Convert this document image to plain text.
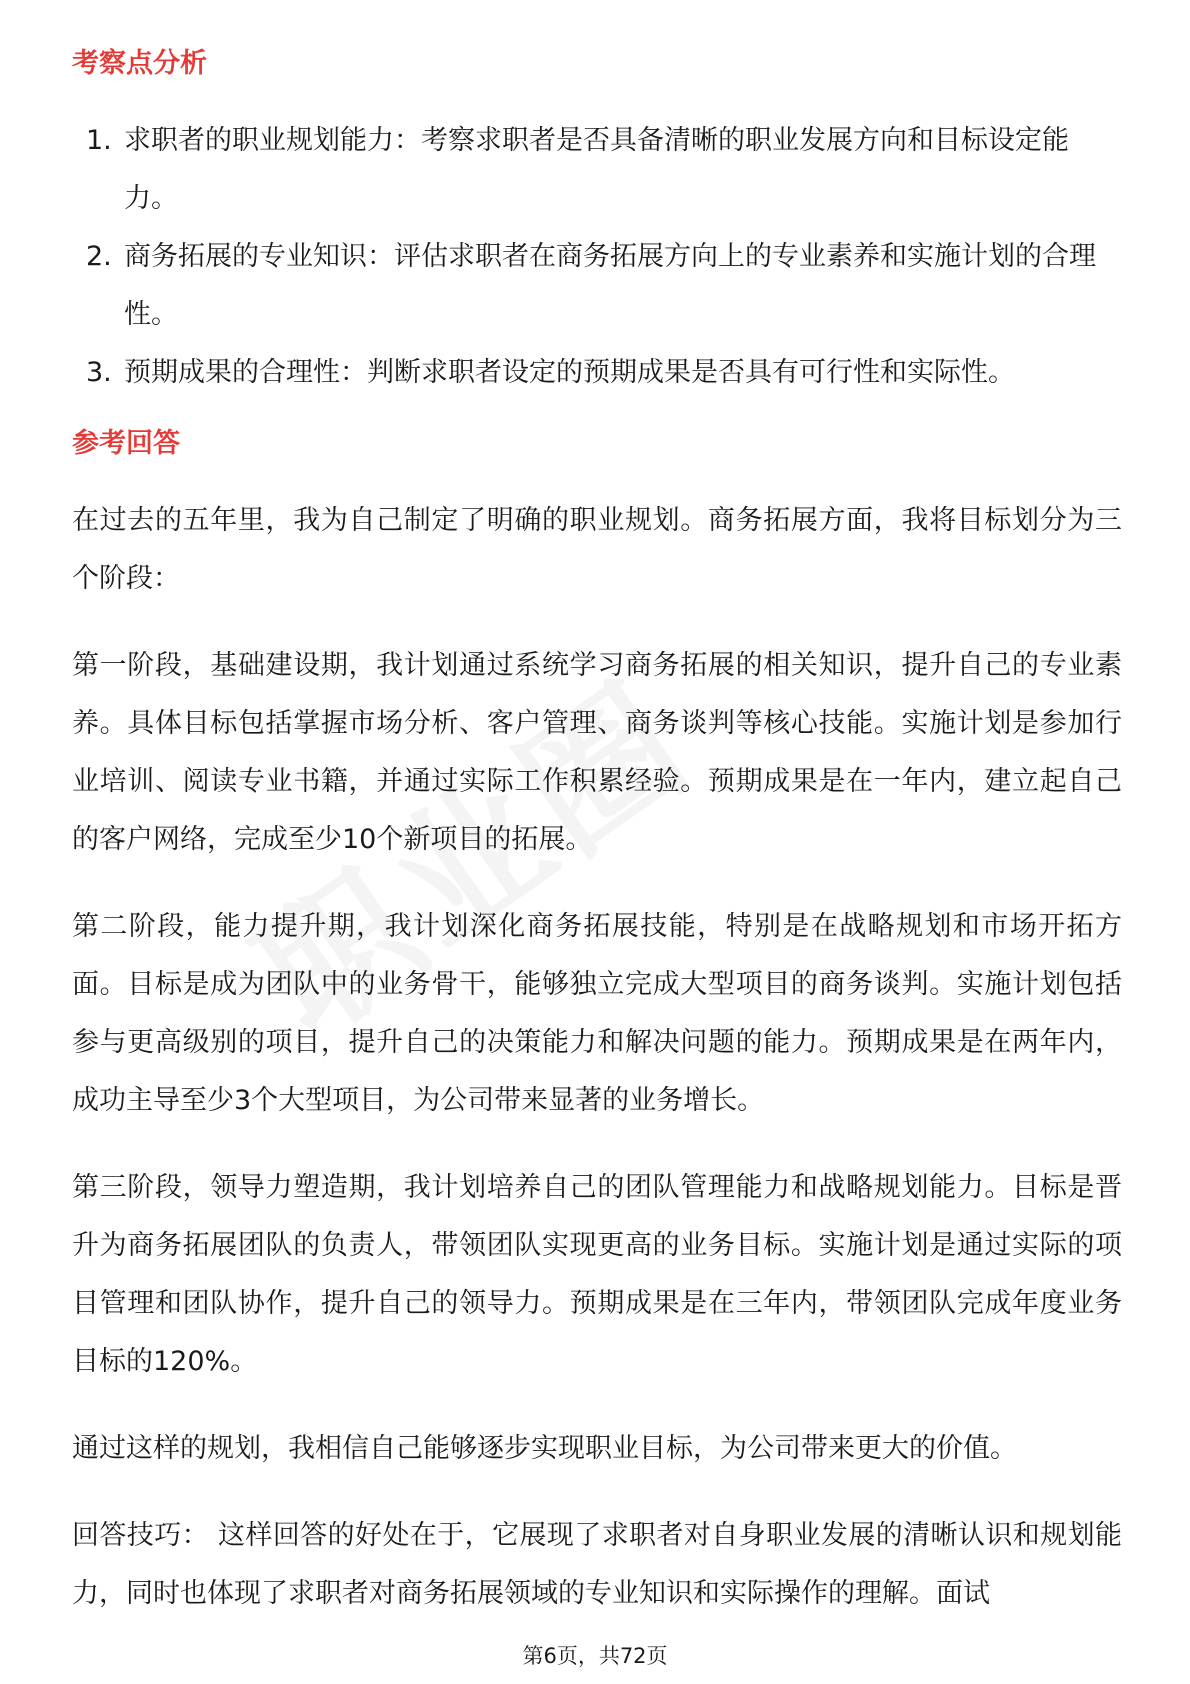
考察点分析
1. 求职者的职业规划能力：考察求职者是否具备清晰的职业发展方向和目标设定能力。
2. 商务拓展的专业知识：评估求职者在商务拓展方向上的专业素养和实施计划的合理性。
3. 预期成果的合理性：判断求职者设定的预期成果是否具有可行性和实际性。
参考回答

在过去的五年里，我为自己制定了明确的职业规划。商务拓展方面，我将目标划分为三个阶段：

第一阶段，基础建设期，我计划通过系统学习商务拓展的相关知识，提升自己的专业素养。具体目标包括掌握市场分析、客户管理、商务谈判等核心技能。实施计划是参加行业培训、阅读专业书籍，并通过实际工作积累经验。预期成果是在一年内，建立起自己的客户网络，完成至少10个新项目的拓展。

第二阶段，能力提升期，我计划深化商务拓展技能，特别是在战略规划和市场开拓方面。目标是成为团队中的业务骨干，能够独立完成大型项目的商务谈判。实施计划包括参与更高级别的项目，提升自己的决策能力和解决问题的能力。预期成果是在两年内，成功主导至少3个大型项目，为公司带来显著的业务增长。

第三阶段，领导力塑造期，我计划培养自己的团队管理能力和战略规划能力。目标是晋升为商务拓展团队的负责人，带领团队实现更高的业务目标。实施计划是通过实际的项目管理和团队协作，提升自己的领导力。预期成果是在三年内，带领团队完成年度业务目标的120%。

通过这样的规划，我相信自己能够逐步实现职业目标，为公司带来更大的价值。

回答技巧： 这样回答的好处在于，它展现了求职者对自身职业发展的清晰认识和规划能力，同时也体现了求职者对商务拓展领域的专业知识和实际操作的理解。面试

第6页，共72页
